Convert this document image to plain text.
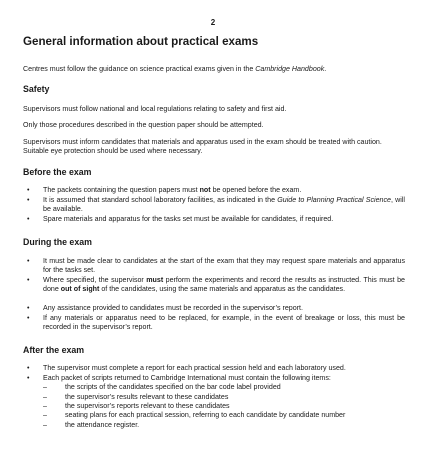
2
General information about practical exams
Centres must follow the guidance on science practical exams given in the Cambridge Handbook.
Safety
Supervisors must follow national and local regulations relating to safety and first aid.
Only those procedures described in the question paper should be attempted.
Supervisors must inform candidates that materials and apparatus used in the exam should be treated with caution. Suitable eye protection should be used where necessary.
Before the exam
• The packets containing the question papers must not be opened before the exam.
• It is assumed that standard school laboratory facilities, as indicated in the Guide to Planning Practical Science, will be available.
• Spare materials and apparatus for the tasks set must be available for candidates, if required.
During the exam
• It must be made clear to candidates at the start of the exam that they may request spare materials and apparatus for the tasks set.
• Where specified, the supervisor must perform the experiments and record the results as instructed. This must be done out of sight of the candidates, using the same materials and apparatus as the candidates.
• Any assistance provided to candidates must be recorded in the supervisor’s report.
• If any materials or apparatus need to be replaced, for example, in the event of breakage or loss, this must be recorded in the supervisor’s report.
After the exam
• The supervisor must complete a report for each practical session held and each laboratory used.
• Each packet of scripts returned to Cambridge International must contain the following items:
–	the scripts of the candidates specified on the bar code label provided
–	the supervisor’s results relevant to these candidates
–	the supervisor’s reports relevant to these candidates
–	seating plans for each practical session, referring to each candidate by candidate number
–	the attendance register.
